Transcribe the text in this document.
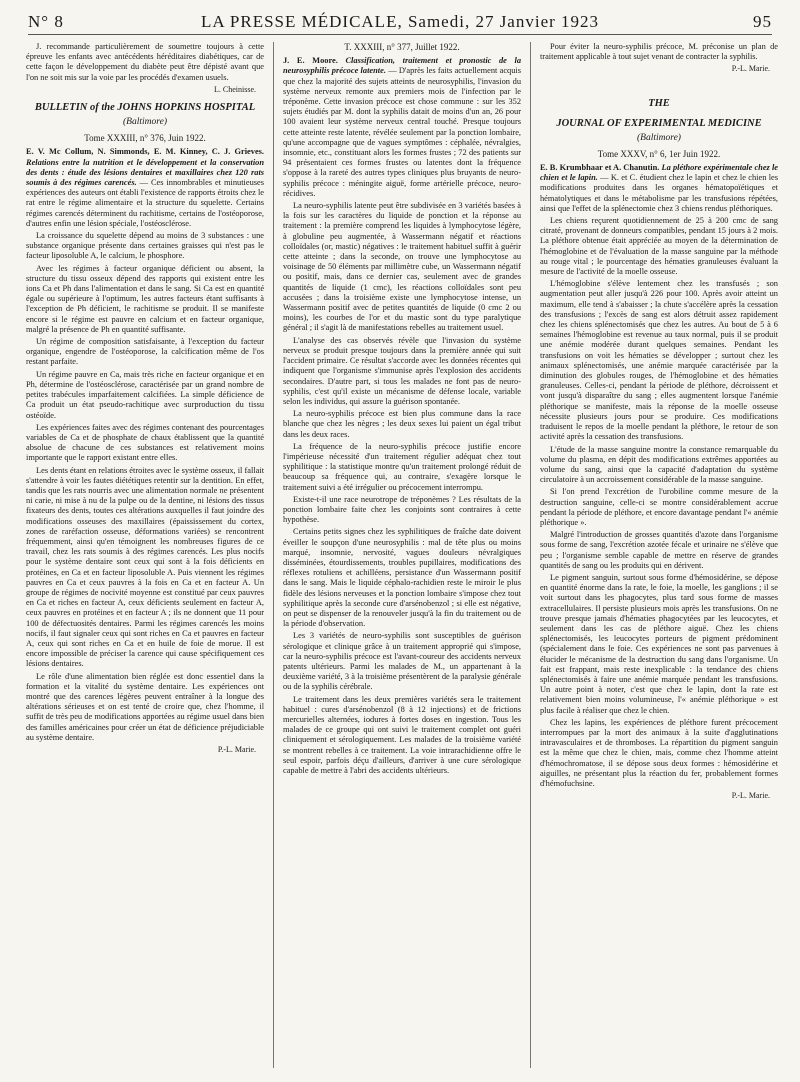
N° 8	LA PRESSE MÉDICALE, Samedi, 27 Janvier 1923	95

J. recommande particulièrement de soumettre toujours à cette épreuve les enfants avec antécédents héréditaires diabétiques, car de cette façon le développement du diabète peut être dépisté avant que l'on ne soit mis sur la voie par les procédés d'examen usuels.

L. Cheinisse.
BULLETIN of the JOHNS HOPKINS HOSPITAL
(Baltimore)
Tome XXXIII, n° 376, Juin 1922.

E. V. Mc Collum, N. Simmonds, E. M. Kinney, C. J. Grieves. Relations entre la nutrition et le développement et la conservation des dents : étude des lésions dentaires et maxillaires chez 120 rats soumis à des régimes carencés. — Ces innombrables et minutieuses expériences des auteurs ont établi l'existence de rapports étroits chez le rat entre le régime alimentaire et la structure du squelette. Certains régimes carencés déterminent du rachitisme, certains de l'ostéoporose, d'autres enfin une lésion spéciale, l'ostéosclérose.

La croissance du squelette dépend au moins de 3 substances : une substance organique présente dans certaines graisses qui n'est pas le facteur liposoluble A, le calcium, le phosphore.

Avec les régimes à facteur organique déficient ou absent, la structure du tissu osseux dépend des rapports qui existent entre les ions Ca et Ph dans l'alimentation et dans le sang. Si Ca est en quantité égale ou supérieure à l'optimum, les autres facteurs étant suffisants à l'exception de Ph déficient, le rachitisme se produit. Il se manifeste encore si le régime est pauvre en calcium et en facteur organique, malgré la présence de Ph en quantité suffisante.

Un régime de composition satisfaisante, à l'exception du facteur organique, engendre de l'ostéoporose, la calcification même de l'os restant parfaite.

Un régime pauvre en Ca, mais très riche en facteur organique et en Ph, détermine de l'ostéosclérose, caractérisée par un grand nombre de petites trabécules imparfaitement calcifiées. La simple déficience de Ca produit un état pseudo-rachitique avec surproduction du tissu ostéoïde.

Les expériences faites avec des régimes contenant des pourcentages variables de Ca et de phosphate de chaux établissent que la quantité absolue de chacune de ces substances est relativement moins importante que le rapport existant entre elles.

Les dents étant en relations étroites avec le système osseux, il fallait s'attendre à voir les fautes diététiques retentir sur la dentition. En effet, tandis que les rats nourris avec une alimentation normale ne présentent ni carie, ni mise à nu de la pulpe ou de la dentine, ni lésions des tissus fixateurs des dents, toutes ces altérations auxquelles il faut joindre des modifications osseuses des maxillaires (épaississement du cortex, zones de raréfaction osseuse, déformations variées) se rencontrent fréquemment, ainsi qu'en témoignent les nombreuses figures de ce travail, chez les rats soumis à des régimes carencés. Les plus nocifs pour le système dentaire sont ceux qui sont à la fois déficients en protéines, en Ca et en facteur liposoluble A. Puis viennent les régimes pauvres en Ca et ceux pauvres à la fois en Ca et en facteur A. Un groupe de régimes de nocivité moyenne est constitué par ceux pauvres en Ca et riches en facteur A, ceux déficients seulement en facteur A, ceux pauvres en protéines et en facteur A ; ils ne donnent que 11 pour 100 de défectuosités dentaires. Parmi les régimes carencés les moins nocifs, il faut signaler ceux qui sont riches en Ca et pauvres en facteur A, ceux qui sont riches en Ca et en huile de foie de morue. Il est encore impossible de préciser la carence qui cause spécifiquement ces lésions dentaires.

Le rôle d'une alimentation bien réglée est donc essentiel dans la formation et la vitalité du système dentaire. Les expériences ont montré que des carences légères peuvent entraîner à la longue des altérations sérieuses et on est tenté de croire que, chez l'homme, il suffit de très peu de modifications apportées au régime usuel dans bien des familles américaines pour créer un état de déficience préjudiciable au système dentaire.

P.-L. Marie.
T. XXXIII, n° 377, Juillet 1922.

J. E. Moore. Classification, traitement et pronostic de la neurosyphilis précoce latente. — D'après les faits actuellement acquis que chez la majorité des sujets atteints de neurosyphilis, l'invasion du système nerveux remonte aux premiers mois de l'infection par le tréponème. Cette invasion précoce est chose commune : sur les 352 sujets étudiés par M. dont la syphilis datait de moins d'un an, 26 pour 100 avaient leur système nerveux central touché. Presque toujours cette atteinte reste latente, révélée seulement par la ponction lombaire, qu'une accompagne que de vagues symptômes : céphalée, névralgies, insomnie, etc., constituant alors les formes frustes ; 72 des patients sur 94 présentaient ces formes frustes ou latentes dont la fréquence s'oppose à la rareté des autres types cliniques plus bruyants de neuro-syphilis précoce : méningite aiguë, forme artérielle précoce, neuro-récidives.

La neuro-syphilis latente peut être subdivisée en 3 variétés basées à la fois sur les caractères du liquide de ponction et la réponse au traitement : la première comprend les liquides à lymphocytose légère, à globuline peu augmentée, à Wassermann négatif et réactions colloïdales (or, mastic) négatives : le traitement habituel suffit à guérir cette atteinte ; dans la seconde, on trouve une lymphocytose au voisinage de 50 éléments par millimètre cube, un Wassermann négatif ou positif, mais, dans ce dernier cas, seulement avec de grandes quantités de liquide (1 cmc), les réactions colloïdales sont peu accusées ; dans la troisième existe une lymphocytose intense, un Wassermann positif avec de petites quantités de liquide (0 cmc 2 ou moins), les courbes de l'or et du mastic sont du type paralytique général ; il s'agit là de manifestations rebelles au traitement usuel.

L'analyse des cas observés révèle que l'invasion du système nerveux se produit presque toujours dans la première année qui suit l'accident primaire. Ce résultat s'accorde avec les données récentes qui indiquent que l'organisme s'immunise après l'explosion des accidents secondaires. D'autre part, si tous les malades ne font pas de neuro-syphilis, c'est qu'il existe un mécanisme de défense locale, variable selon les individus, qui assure la guérison spontanée.

La neuro-syphilis précoce est bien plus commune dans la race blanche que chez les nègres ; les deux sexes lui paient un égal tribut dans les deux races.

La fréquence de la neuro-syphilis précoce justifie encore l'impérieuse nécessité d'un traitement régulier adéquat chez tout syphilitique : la statistique montre qu'un traitement prolongé réduit de beaucoup sa fréquence qui, au contraire, s'exagère lorsque le traitement suivi a été irrégulier ou précocement interrompu.

Existe-t-il une race neurotrope de tréponèmes ? Les résultats de la ponction lombaire faite chez les conjoints sont contraires à cette hypothèse.

Certains petits signes chez les syphilitiques de fraîche date doivent éveiller le soupçon d'une neurosyphilis : mal de tête plus ou moins marqué, insomnie, nervosité, vagues douleurs névralgiques disséminées, étourdissements, troubles pupillaires, modifications des réflexes rotuliens et achilléens, persistance d'un Wassermann positif dans le sang. Mais le liquide céphalo-rachidien reste le miroir le plus fidèle des lésions nerveuses et la ponction lombaire s'impose chez tout syphilitique après la seconde cure d'arsénobenzol ; si elle est négative, on peut se dispenser de la renouveler jusqu'à la fin du traitement ou de la période d'observation.

Les 3 variétés de neuro-syphilis sont susceptibles de guérison sérologique et clinique grâce à un traitement approprié qui s'impose, car la neuro-syphilis précoce est l'avant-coureur des accidents nerveux patents ultérieurs. Parmi les malades de M., un appartenant à la deuxième variété, 3 à la troisième présentèrent de la paralysie générale ou de la syphilis cérébrale.

Le traitement dans les deux premières variétés sera le traitement habituel : cures d'arsénobenzol (8 à 12 injections) et de frictions mercurielles alternées, iodures à fortes doses en ingestion. Tous les malades de ce groupe qui ont suivi le traitement complet ont guéri cliniquement et sérologiquement. Les malades de la troisième variété se montrent rebelles à ce traitement. La voie intrarachidienne offre le seul espoir, parfois déçu d'ailleurs, d'arriver à une cure sérologique capable de mettre à l'abri des accidents ultérieurs.

Pour éviter la neuro-syphilis précoce, M. préconise un plan de traitement applicable à tout sujet venant de contracter la syphilis.

P.-L. Marie.
THE
JOURNAL OF EXPERIMENTAL MEDICINE
(Baltimore)
Tome XXXV, n° 6, 1er Juin 1922.

E. B. Krumbhaar et A. Chanutin. La pléthore expérimentale chez le chien et le lapin. — K. et C. étudient chez le lapin et chez le chien les modifications produites dans les organes hématopoïétiques et hématolytiques et dans le métabolisme par les transfusions répétées, ainsi que l'effet de la splénectomie chez 3 chiens rendus pléthoriques.

Les chiens reçurent quotidiennement de 25 à 200 cmc de sang citraté, provenant de donneurs compatibles, pendant 15 jours à 2 mois. La pléthore obtenue était appréciée au moyen de la détermination de l'hémoglobine et de l'évaluation de la masse sanguine par la méthode au rouge vital ; le pourcentage des hématies granuleuses évaluant la mesure de l'activité de la moelle osseuse.

L'hémoglobine s'élève lentement chez les transfusés ; son augmentation peut aller jusqu'à 226 pour 100. Après avoir atteint un maximum, elle tend à s'abaisser ; la chute s'accélère après la cessation des transfusions ; l'excès de sang est alors détruit assez rapidement chez les chiens splénectomisés que chez les autres. Au bout de 5 à 6 semaines l'hémoglobine est revenue au taux normal, puis il se produit une anémie modérée durant quelques semaines. Pendant les transfusions on voit les hématies se développer ; surtout chez les animaux splénectomisés, une anémie marquée caractérisée par la diminution des globules rouges, de l'hémoglobine et des hématies granuleuses. Celles-ci, pendant la période de pléthore, décroissent et vont jusqu'à disparaître du sang ; elles augmentent lorsque l'anémie pléthorique se manifeste, mais la réponse de la moelle osseuse nécessite plusieurs jours pour se produire. Ces modifications traduisent le repos de la moelle pendant la pléthore, le retour de son activité après la cessation des transfusions.

L'étude de la masse sanguine montre la constance remarquable du volume du plasma, en dépit des modifications extrêmes apportées au volume du sang, ainsi que la capacité d'adaptation du système circulatoire à un accroissement considérable de la masse sanguine.

Si l'on prend l'excrétion de l'urobiline comme mesure de la destruction sanguine, celle-ci se montre considérablement accrue pendant la période de pléthore, et encore davantage pendant l'« anémie pléthorique ».

Malgré l'introduction de grosses quantités d'azote dans l'organisme sous forme de sang, l'excrétion azotée fécale et urinaire ne s'élève que peu ; l'organisme semble capable de mettre en réserve de grandes quantités de sang ou les produits qui en dérivent.

Le pigment sanguin, surtout sous forme d'hémosidérine, se dépose en quantité énorme dans la rate, le foie, la moelle, les ganglions ; il se voit surtout dans les phagocytes, plus tard sous forme de masses extracellulaires. Il persiste plusieurs mois après les transfusions. On ne trouve presque jamais d'hématies phagocytées par les leucocytes, et seulement dans les cas de pléthore aiguë. Chez les chiens splénectomisés, les leucocytes porteurs de pigment prédominent (spécialement dans le foie. Ces expériences ne sont pas parvenues à élucider le mécanisme de la destruction du sang dans l'organisme. Un fait est frappant, mais reste inexplicable : la tendance des chiens splénectomisés à faire une anémie marquée pendant les transfusions. Un autre point à noter, c'est que chez le lapin, dont la rate est relativement bien moins volumineuse, l'« anémie pléthorique » est plus facile à réaliser que chez le chien.

Chez les lapins, les expériences de pléthore furent précocement interrompues par la mort des animaux à la suite d'agglutinations intravasculaires et de thromboses. La répartition du pigment sanguin est la même que chez le chien, mais, comme chez l'homme atteint d'hémochromatose, il se dépose sous deux formes : hémosidérine et aiguilles, ne présentant plus la réaction du fer, probablement formes d'hémofuchsine.

P.-L. Marie.
